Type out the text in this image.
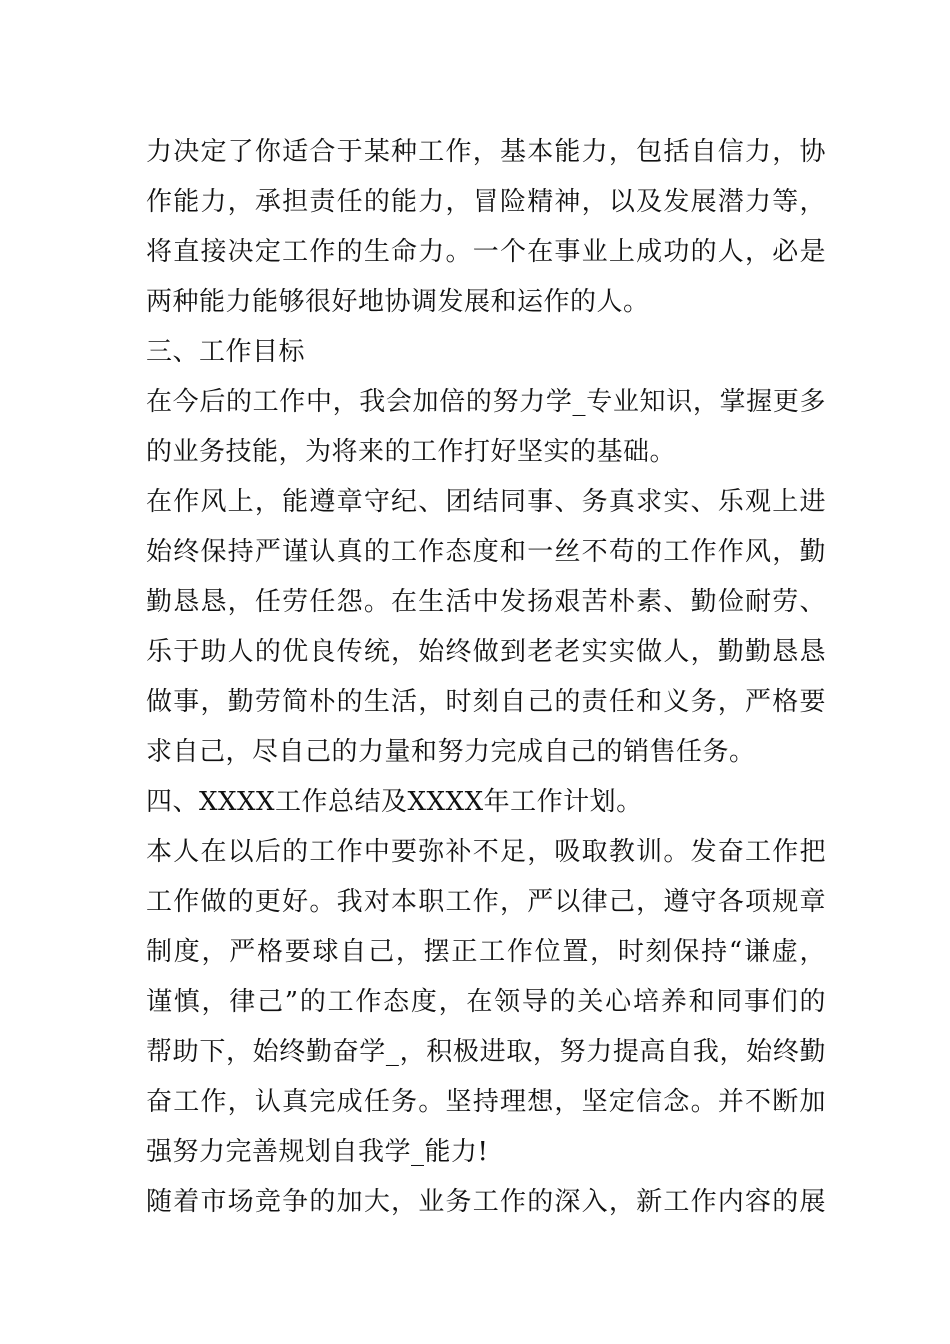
力决定了你适合于某种工作，基本能力，包括自信力，协
作能力，承担责任的能力，冒险精神，以及发展潜力等，
将直接决定工作的生命力。一个在事业上成功的人，必是
两种能力能够很好地协调发展和运作的人。
三、工作目标
在今后的工作中，我会加倍的努力学_专业知识，掌握更多
的业务技能，为将来的工作打好坚实的基础。
在作风上，能遵章守纪、团结同事、务真求实、乐观上进
始终保持严谨认真的工作态度和一丝不苟的工作作风，勤
勤恳恳，任劳任怨。在生活中发扬艰苦朴素、勤俭耐劳、
乐于助人的优良传统，始终做到老老实实做人，勤勤恳恳
做事，勤劳简朴的生活，时刻自己的责任和义务，严格要
求自己，尽自己的力量和努力完成自己的销售任务。
四、XXXX工作总结及XXXX年工作计划。
本人在以后的工作中要弥补不足，吸取教训。发奋工作把
工作做的更好。我对本职工作，严以律己，遵守各项规章
制度，严格要球自己，摆正工作位置，时刻保持“谦虚，
谨慎，律己”的工作态度，在领导的关心培养和同事们的
帮助下，始终勤奋学_，积极进取，努力提高自我，始终勤
奋工作，认真完成任务。坚持理想，坚定信念。并不断加
强努力完善规划自我学_能力!
随着市场竞争的加大，业务工作的深入，新工作内容的展
